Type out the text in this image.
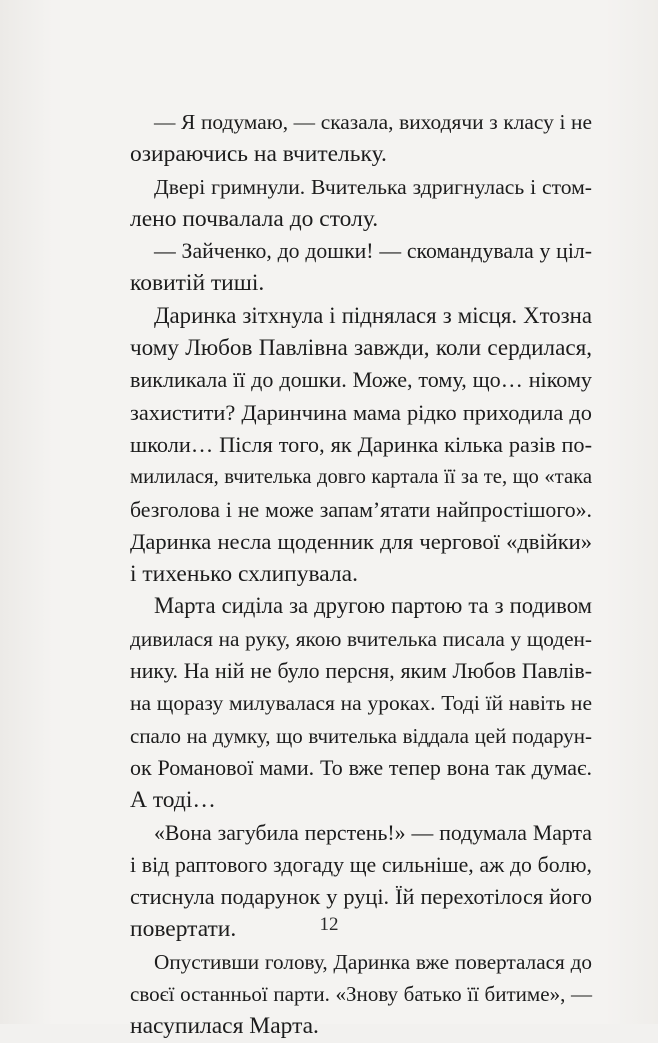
— Я подумаю, — сказала, виходячи з класу і не
озираючись на вчительку.
Двері гримнули. Вчителька здригнулась і стом-
лено почвалала до столу.
— Зайченко, до дошки! — скомандувала у ціл-
ковитій тиші.
Даринка зітхнула і піднялася з місця. Хтозна
чому Любов Павлівна завжди, коли сердилася,
викликала її до дошки. Може, тому, що… нікому
захистити? Даринчина мама рідко приходила до
школи… Після того, як Даринка кілька разів по-
милилася, вчителька довго картала її за те, що «така
безголова і не може запам’ятати найпростішого».
Даринка несла щоденник для чергової «двійки»
і тихенько схлипувала.
Марта сиділа за другою партою та з подивом
дивилася на руку, якою вчителька писала у щоден-
нику. На ній не було персня, яким Любов Павлів-
на щоразу милувалася на уроках. Тоді їй навіть не
спало на думку, що вчителька віддала цей подарун-
ок Романової мами. То вже тепер вона так думає.
А тоді…
«Вона загубила перстень!» — подумала Марта
і від раптового здогаду ще сильніше, аж до болю,
стиснула подарунок у руці. Їй перехотілося його
повертати.
Опустивши голову, Даринка вже поверталася до
своєї останньої парти. «Знову батько її битиме», —
насупилася Марта.
12
